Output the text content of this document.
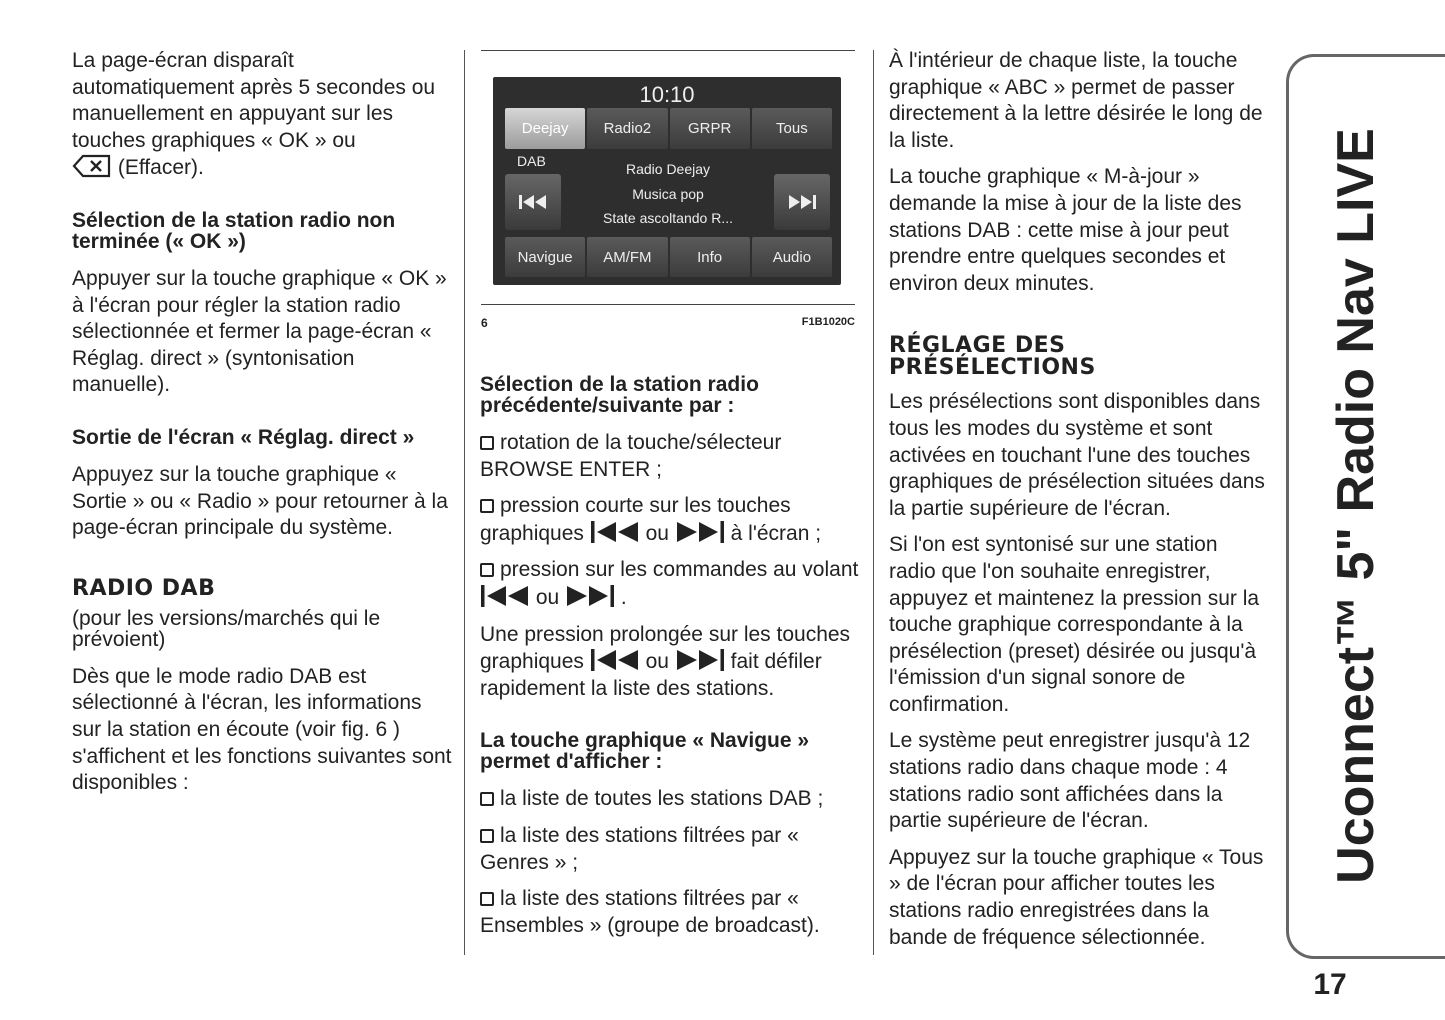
La page-écran disparaît automatiquement après 5 secondes ou manuellement en appuyant sur les touches graphiques « OK » ou
(Effacer).

Sélection de la station radio non terminée (« OK »)

Appuyer sur la touche graphique « OK » à l'écran pour régler la station radio sélectionnée et fermer la page-écran « Réglag. direct » (syntonisation manuelle).

Sortie de l'écran « Réglag. direct »

Appuyez sur la touche graphique « Sortie » ou « Radio » pour retourner à la page-écran principale du système.

RADIO DAB

(pour les versions/marchés qui le prévoient)

Dès que le mode radio DAB est sélectionné à l'écran, les informations sur la station en écoute (voir fig. 6 ) s'affichent et les fonctions suivantes sont disponibles :

10:10
Deejay	Radio2	GRPR	Tous
DAB	Radio Deejay
Musica pop
State ascoltando R...
Navigue	AM/FM	Info	Audio
6	F1B1020C
Sélection de la station radio précédente/suivante par :

rotation de la touche/sélecteur BROWSE ENTER ;

pression courte sur les touches graphiques	ou	à l'écran ;

pression sur les commandes au volant  ou	.

Une pression prolongée sur les touches graphiques	ou	fait défiler rapidement la liste des stations.

La touche graphique « Navigue » permet d'afficher :

la liste de toutes les stations DAB ;

la liste des stations filtrées par « Genres » ;

la liste des stations filtrées par « Ensembles » (groupe de broadcast).

À l'intérieur de chaque liste, la touche graphique « ABC » permet de passer directement à la lettre désirée le long de la liste.

La touche graphique « M-à-jour » demande la mise à jour de la liste des stations DAB : cette mise à jour peut prendre entre quelques secondes et environ deux minutes.

RÉGLAGE DES PRÉSÉLECTIONS

Les présélections sont disponibles dans tous les modes du système et sont activées en touchant l'une des touches graphiques de présélection situées dans la partie supérieure de l'écran.

Si l'on est syntonisé sur une station radio que l'on souhaite enregistrer, appuyez et maintenez la pression sur la touche graphique correspondante à la présélection (preset) désirée ou jusqu'à l'émission d'un signal sonore de confirmation.

Le système peut enregistrer jusqu'à 12 stations radio dans chaque mode : 4 stations radio sont affichées dans la partie supérieure de l'écran.

Appuyez sur la touche graphique « Tous » de l'écran pour afficher toutes les stations radio enregistrées dans la bande de fréquence sélectionnée.

Uconnect™ 5" Radio Nav LIVE
17
